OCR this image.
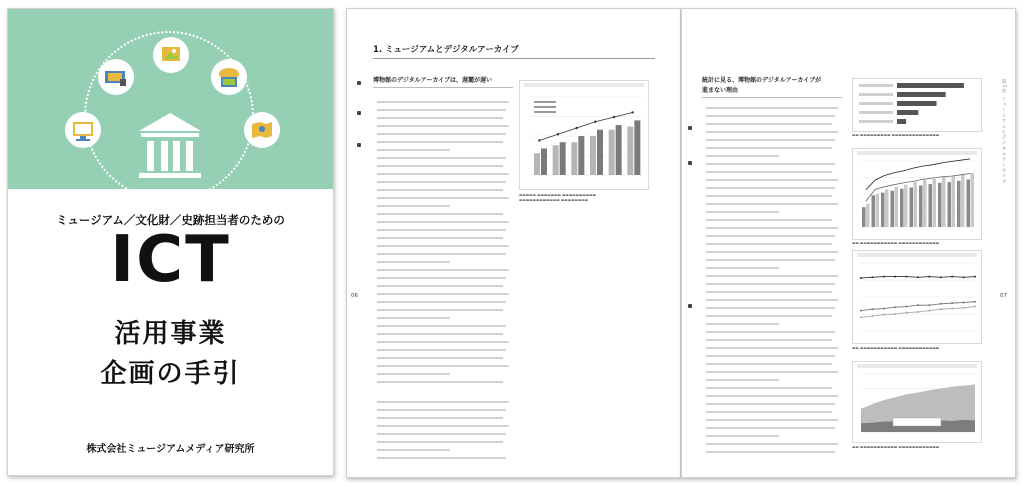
ミュージアム／文化財／史跡担当者のための
ICT
活用事業
企画の手引
株式会社ミュージアムメディア研究所
1. ミュージアムとデジタルアーカイブ
博物館のデジタルアーカイブは、遅麗が遅い
▬▬▬▬▬ ▬▬▬▬▬▬▬ ▬▬▬▬▬▬▬▬▬▬
▬▬▬▬▬▬▬▬▬▬▬▬ ▬▬▬▬▬▬▬▬
06
統計に見る、博物館のデジタルアーカイブが
進まない理由
▬▬ ▬▬▬▬▬▬▬▬▬ ▬▬▬▬▬▬▬▬▬▬▬▬▬▬
▬▬ ▬▬▬▬▬▬▬▬▬▬▬ ▬▬▬▬▬▬▬▬▬▬▬▬
▬▬ ▬▬▬▬▬▬▬▬▬▬▬ ▬▬▬▬▬▬▬▬▬▬▬▬
▬▬ ▬▬▬▬▬▬▬▬▬▬▬ ▬▬▬▬▬▬▬▬▬▬▬▬
第1章 ミュージアムとデジタルアーカイブ
07
